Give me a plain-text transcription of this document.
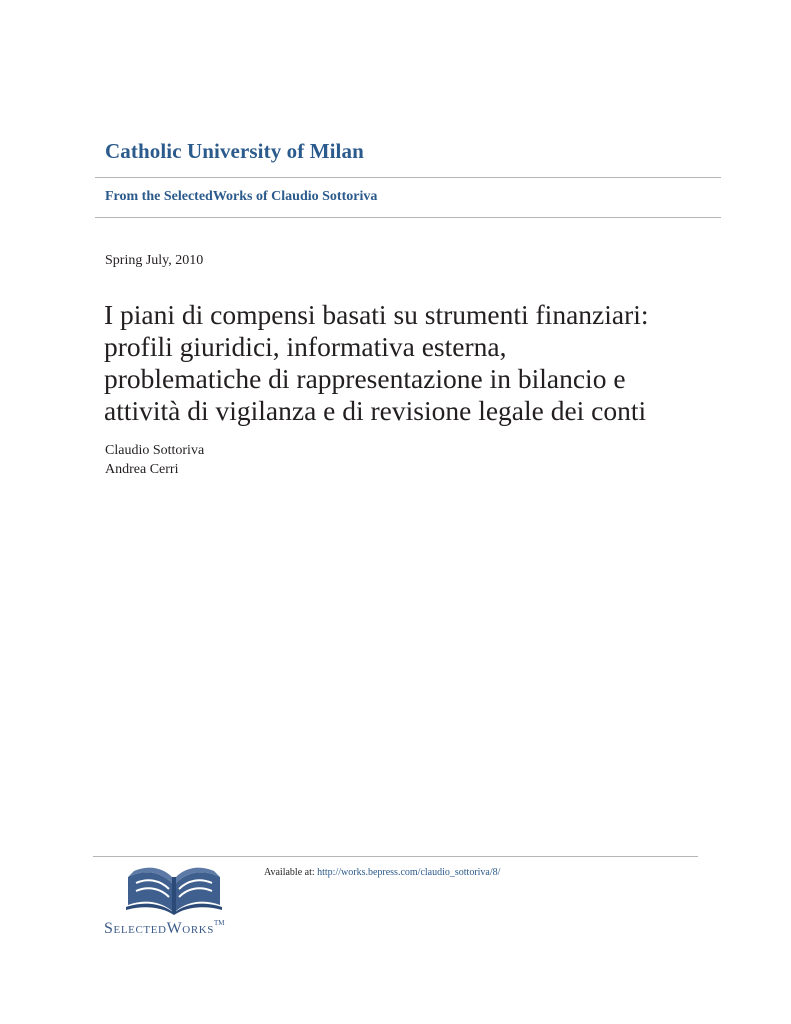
Catholic University of Milan
From the SelectedWorks of Claudio Sottoriva
Spring July, 2010
I piani di compensi basati su strumenti finanziari:
profili giuridici, informativa esterna,
problematiche di rappresentazione in bilancio e
attività di vigilanza e di revisione legale dei conti
Claudio Sottoriva
Andrea Cerri
Available at: http://works.bepress.com/claudio_sottoriva/8/
SelectedWorks™
